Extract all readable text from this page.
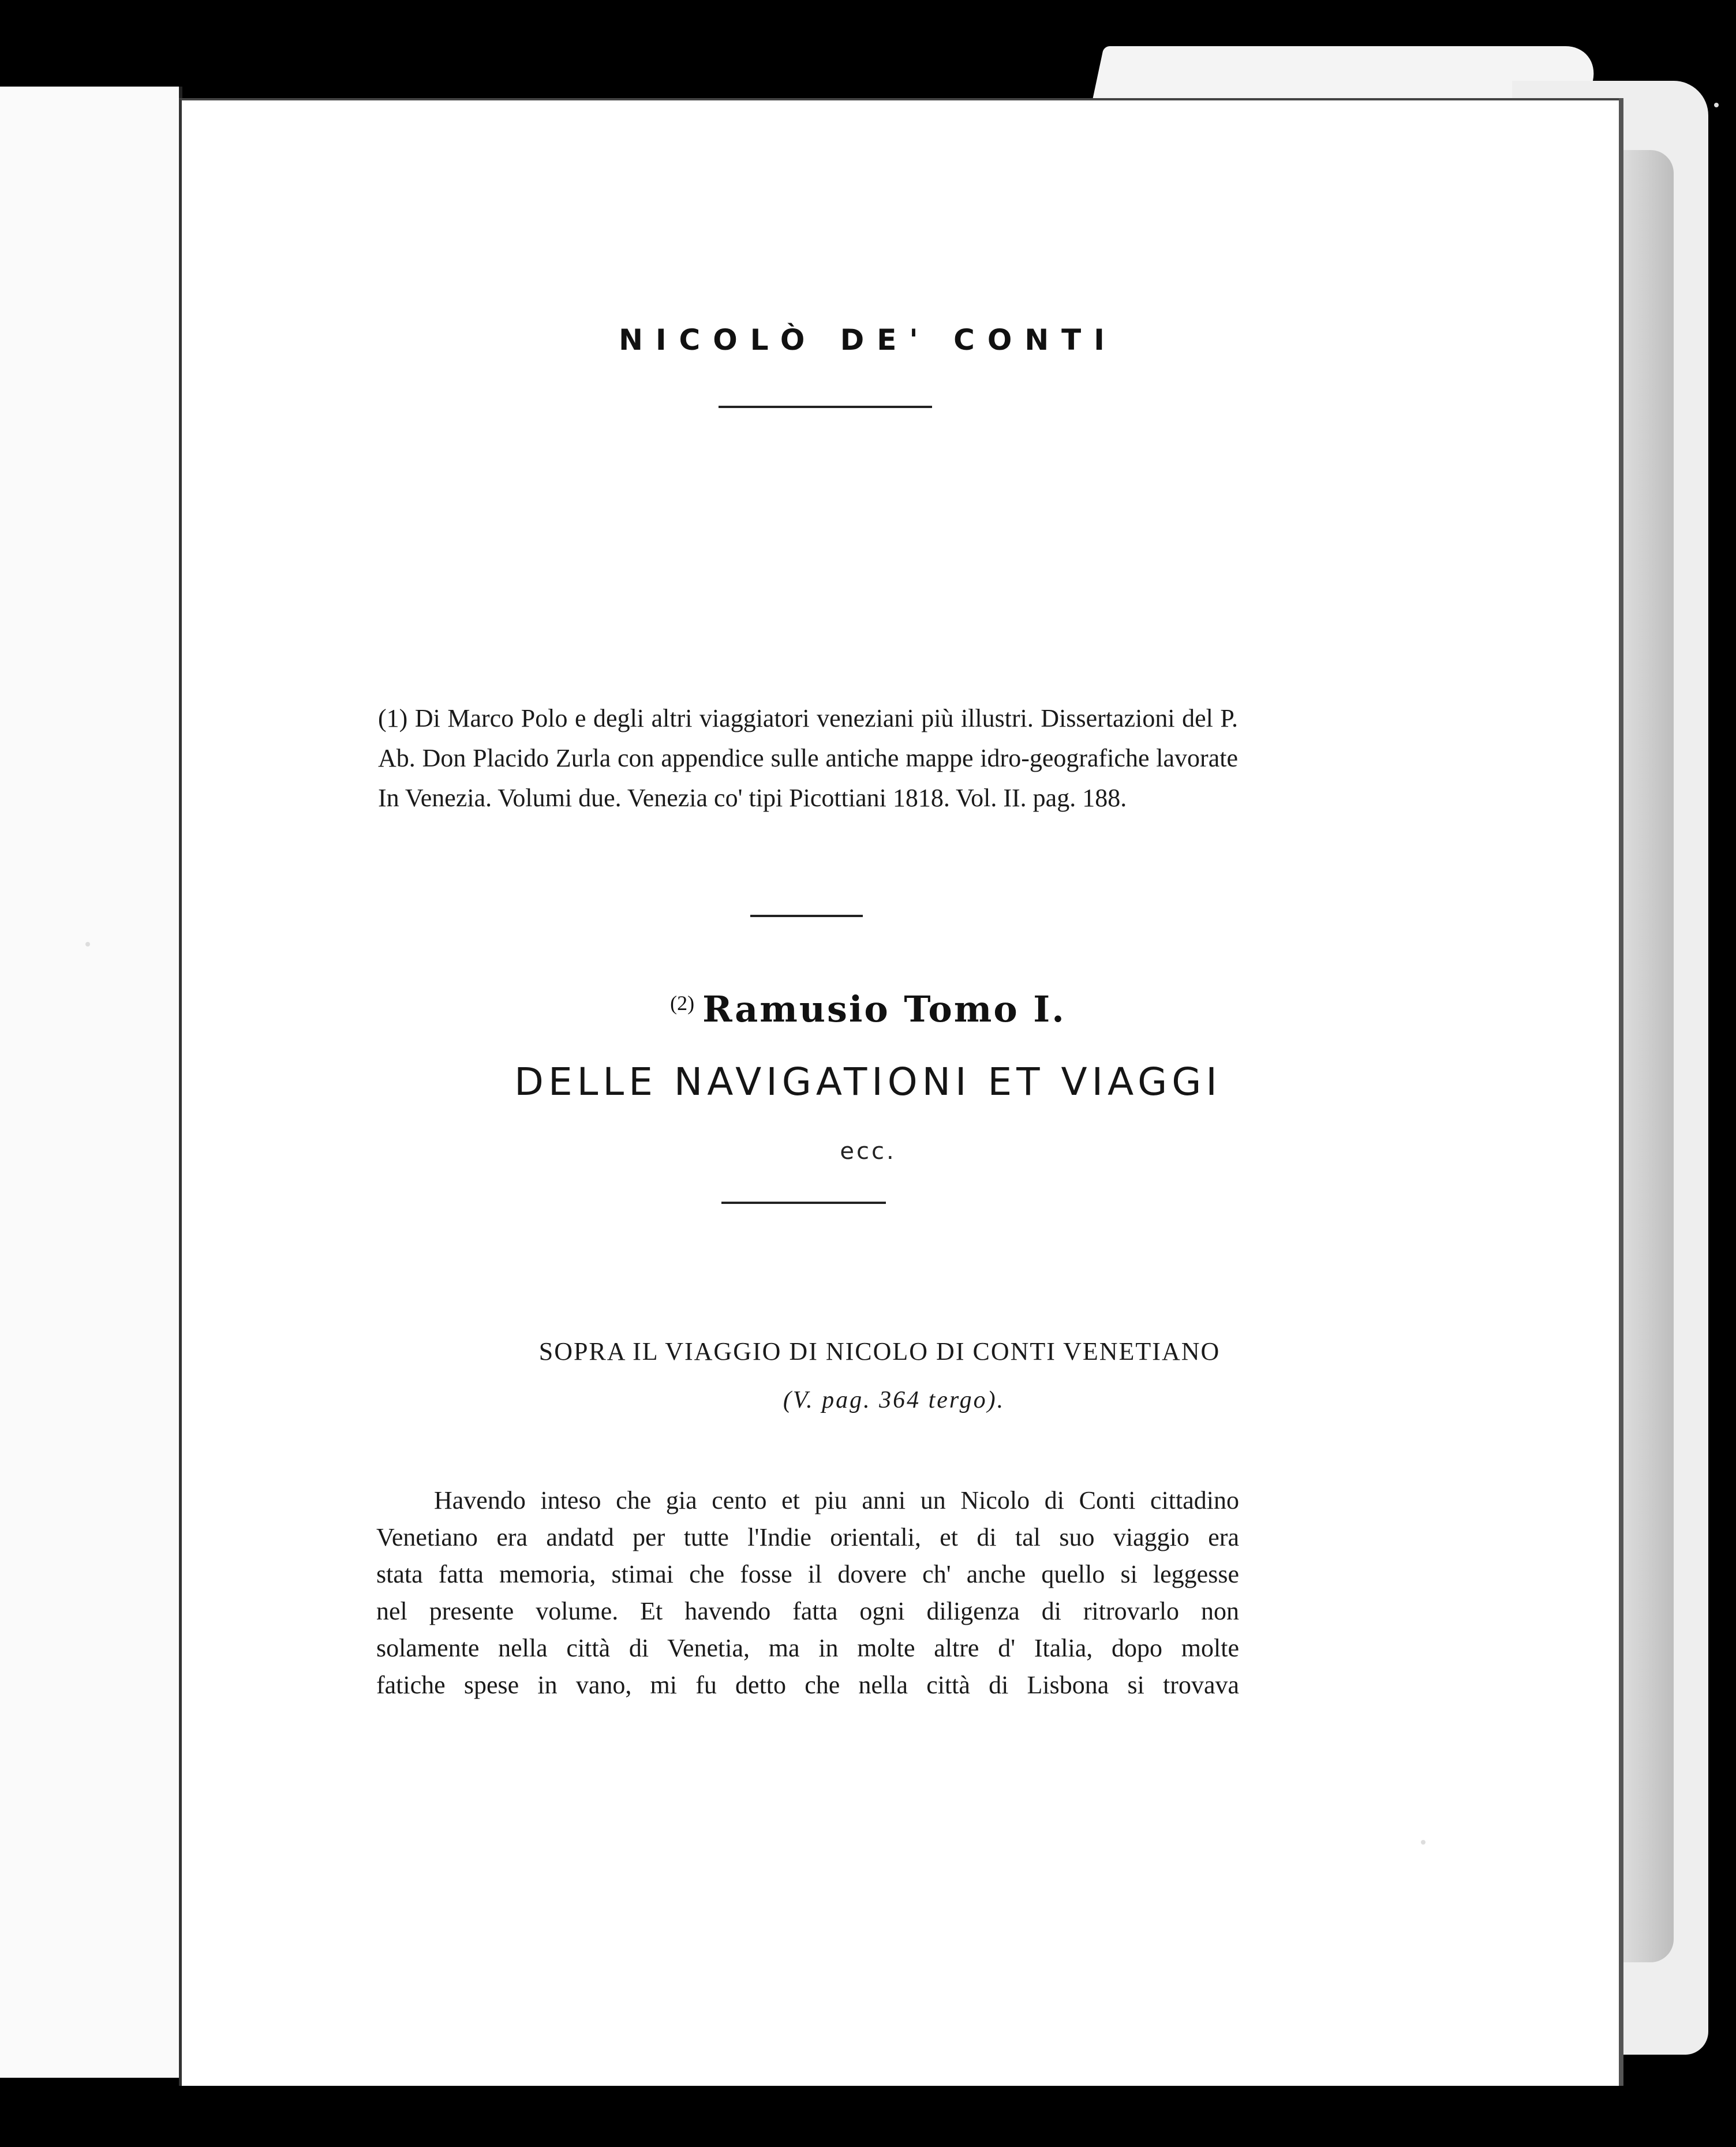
NICOLÒ DE' CONTI
(1) Di Marco Polo e degli altri viaggiatori veneziani più illustri. Dissertazioni del P. Ab. Don Placido Zurla con appendice sulle antiche mappe idro-geografiche lavorate In Venezia. Volumi due. Venezia co' tipi Picottiani 1818. Vol. II. pag. 188.
(2) Ramusio Tomo I.
DELLE NAVIGATIONI ET VIAGGI
ecc.
SOPRA IL VIAGGIO DI NICOLO DI CONTI VENETIANO
(V. pag. 364 tergo).
Havendo inteso che gia cento et piu anni un Nicolo di Conti cittadino
Venetiano era andatd per tutte l'Indie orientali, et di tal suo viaggio era
stata fatta memoria, stimai che fosse il dovere ch' anche quello si leggesse
nel presente volume. Et havendo fatta ogni diligenza di ritrovarlo non
solamente nella città di Venetia, ma in molte altre d' Italia, dopo molte
fatiche spese in vano, mi fu detto che nella città di Lisbona si trovava
